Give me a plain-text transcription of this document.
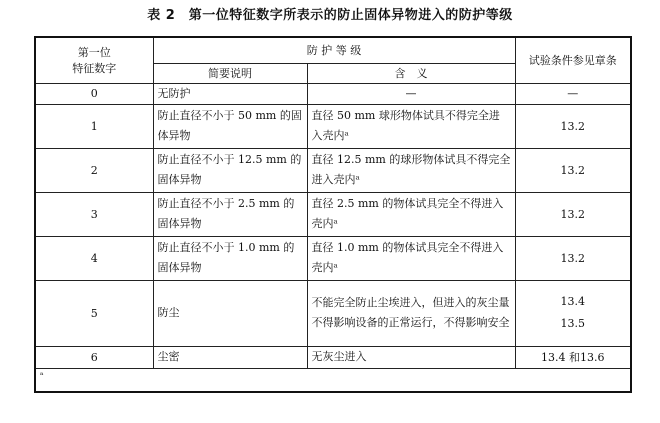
表 2　第一位特征数字所表示的防止固体异物进入的防护等级
第一位
特征数字	防 护 等 级		试验条件参见章条
	简要说明	含　义	
0	无防护	—	—
1	防止直径不小于 50 mm 的固体异物	直径 50 mm 球形物体试具不得完全进入壳内ᵃ	13.2
2	防止直径不小于 12.5 mm 的固体异物	直径 12.5 mm 的球形物体试具不得完全进入壳内ᵃ	13.2
3	防止直径不小于 2.5 mm 的固体异物	直径 2.5 mm 的物体试具完全不得进入壳内ᵃ	13.2
4	防止直径不小于 1.0 mm 的固体异物	直径 1.0 mm 的物体试具完全不得进入壳内ᵃ	13.2
5	防尘	不能完全防止尘埃进入，但进入的灰尘量不得影响设备的正常运行，不得影响安全	13.4
13.5

6	尘密	无灰尘进入	13.4 和13.6
ᵃ			
